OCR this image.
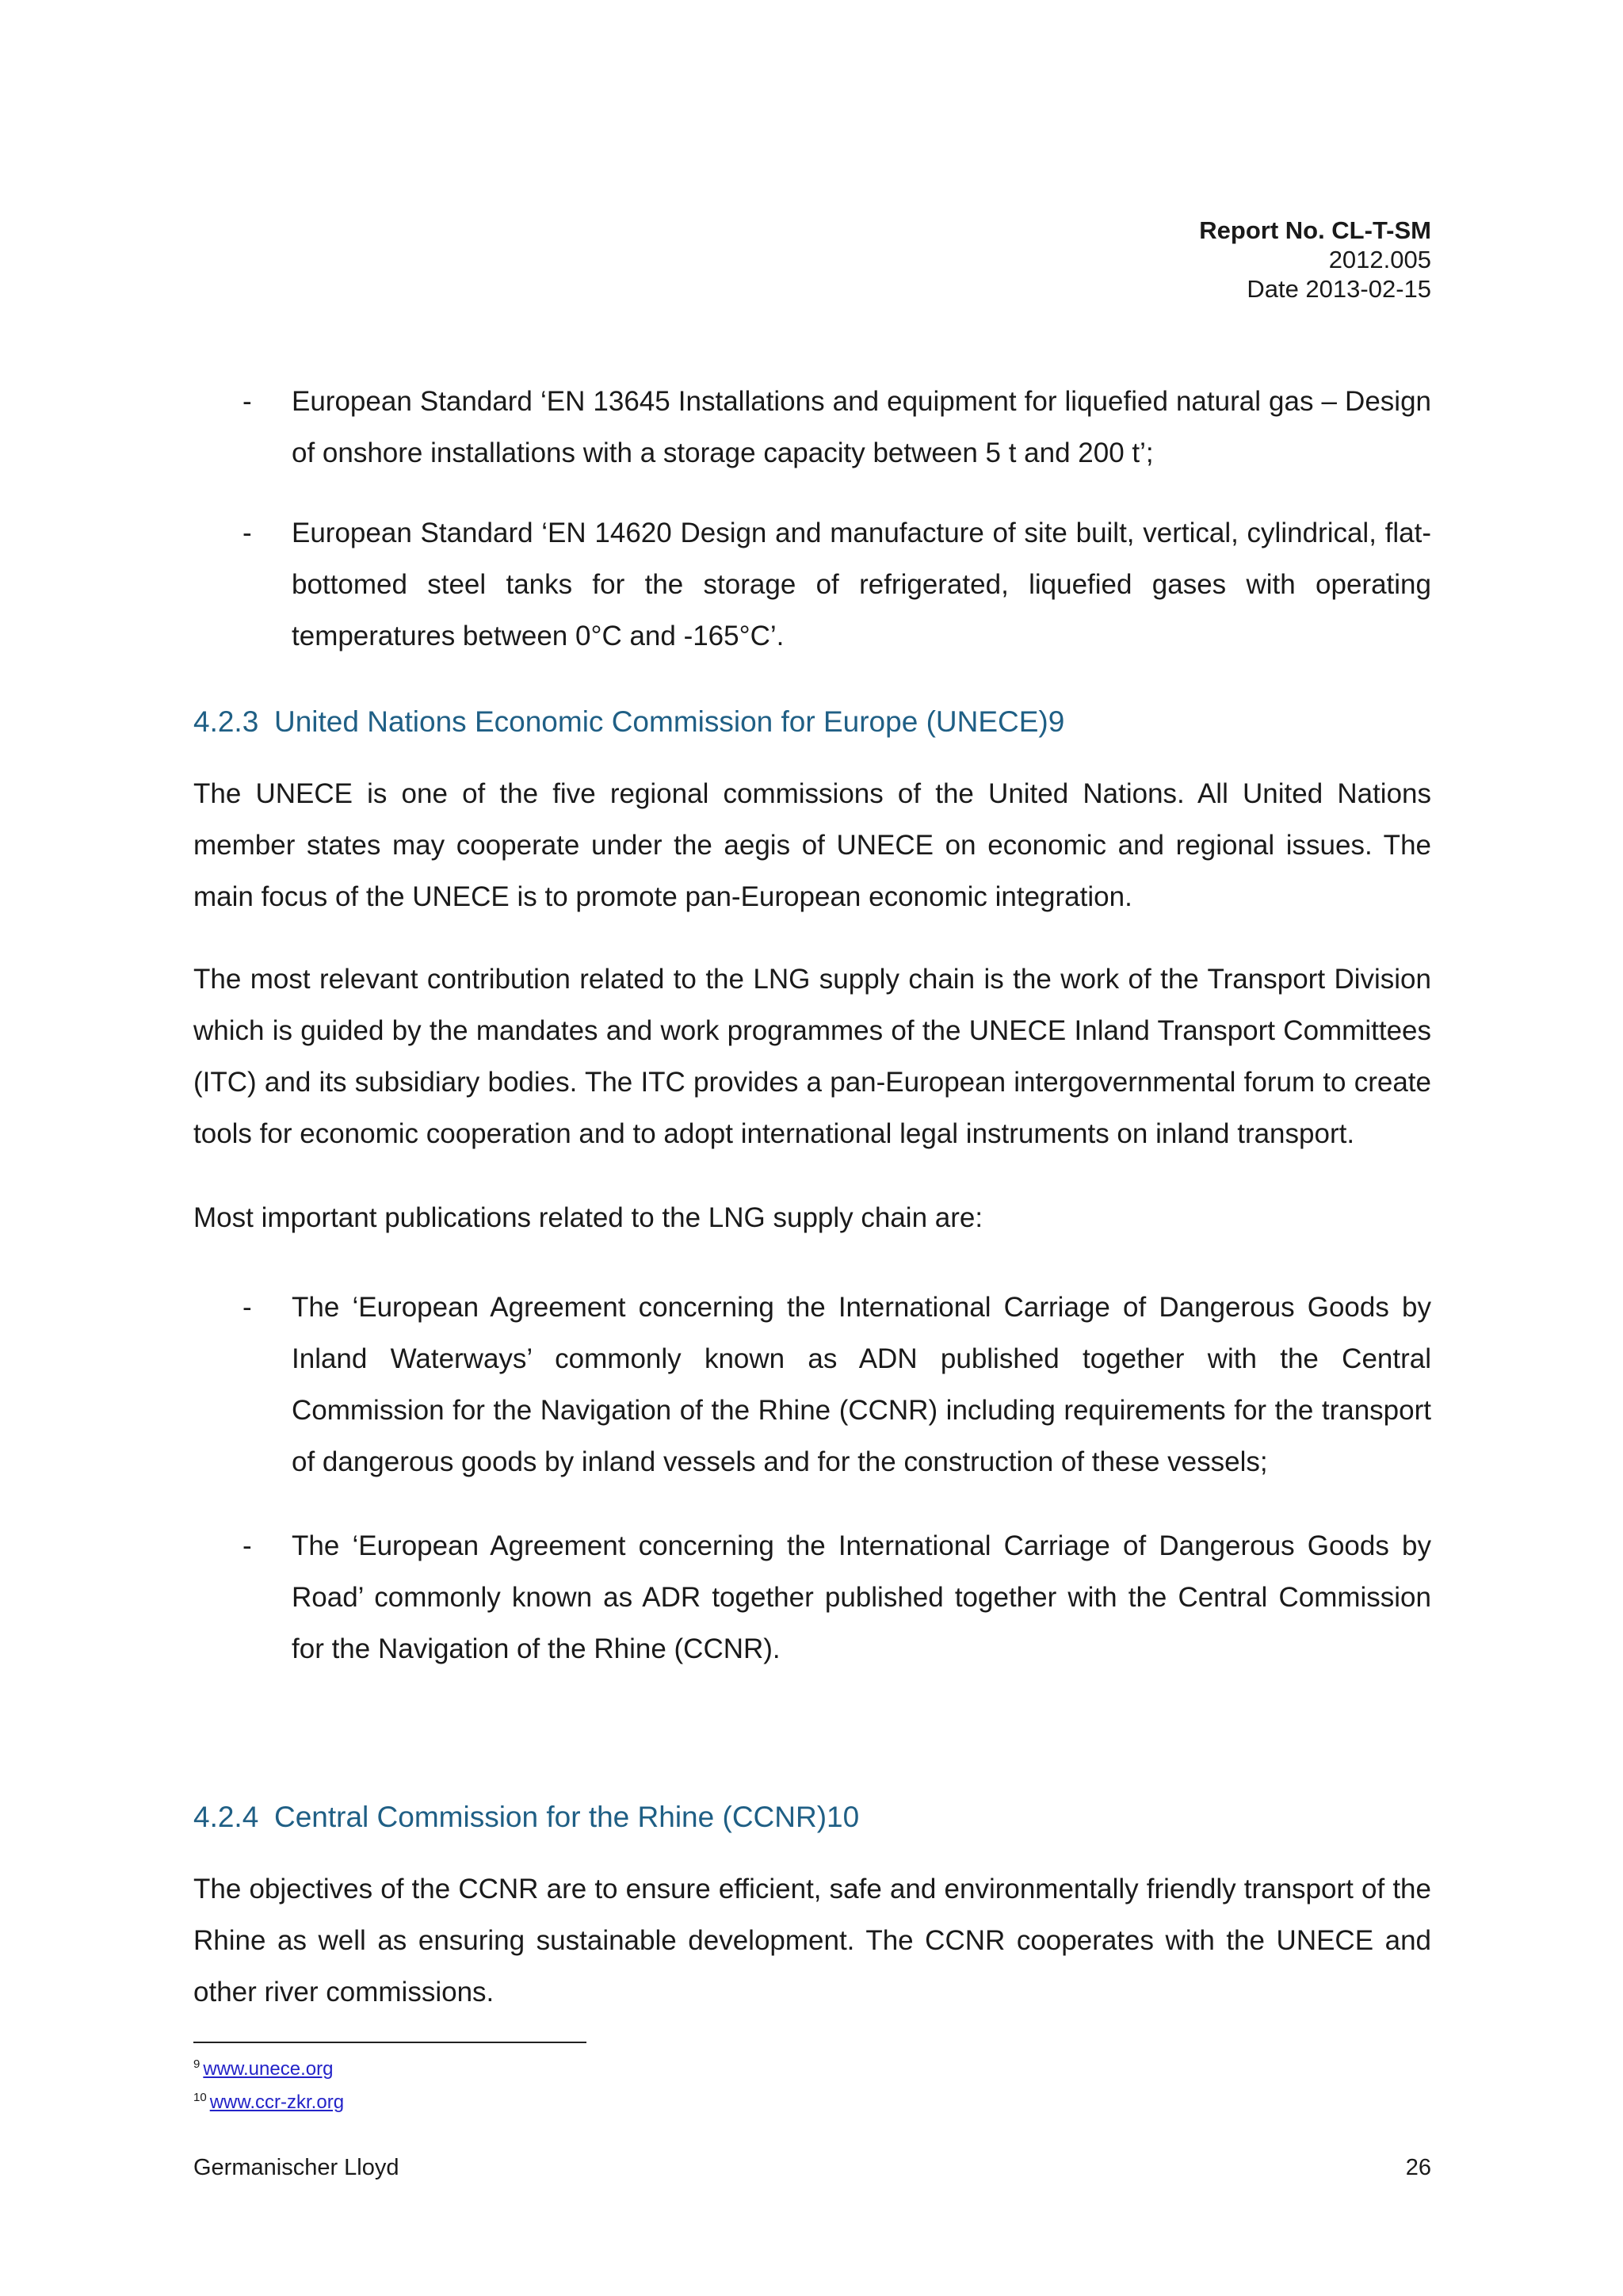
Report No. CL-T-SM
2012.005
Date 2013-02-15
-	European Standard ‘EN 13645 Installations and equipment for liquefied natural gas – Design of onshore installations with a storage capacity between 5 t and 200 t’;
-	European Standard ‘EN 14620 Design and manufacture of site built, vertical, cylindrical, flat-bottomed steel tanks for the storage of refrigerated, liquefied gases with operating temperatures between 0°C and -165°C’.
4.2.3 United Nations Economic Commission for Europe (UNECE)9
The UNECE is one of the five regional commissions of the United Nations. All United Nations member states may cooperate under the aegis of UNECE on economic and regional issues. The main focus of the UNECE is to promote pan-European economic integration.
The most relevant contribution related to the LNG supply chain is the work of the Transport Division which is guided by the mandates and work programmes of the UNECE Inland Transport Committees (ITC) and its subsidiary bodies. The ITC provides a pan-European intergovernmental forum to create tools for economic cooperation and to adopt international legal instruments on inland transport.
Most important publications related to the LNG supply chain are:
-	The ‘European Agreement concerning the International Carriage of Dangerous Goods by Inland Waterways’ commonly known as ADN published together with the Central Commission for the Navigation of the Rhine (CCNR) including requirements for the transport of dangerous goods by inland vessels and for the construction of these vessels;
-	The ‘European Agreement concerning the International Carriage of Dangerous Goods by Road’ commonly known as ADR together published together with the Central Commission for the Navigation of the Rhine (CCNR).
4.2.4 Central Commission for the Rhine (CCNR)10
The objectives of the CCNR are to ensure efficient, safe and environmentally friendly transport of the Rhine as well as ensuring sustainable development. The CCNR cooperates with the UNECE and other river commissions.
$^9$ www.unece.org
$^{10}$ www.ccr-zkr.org
Germanischer Lloyd	26
